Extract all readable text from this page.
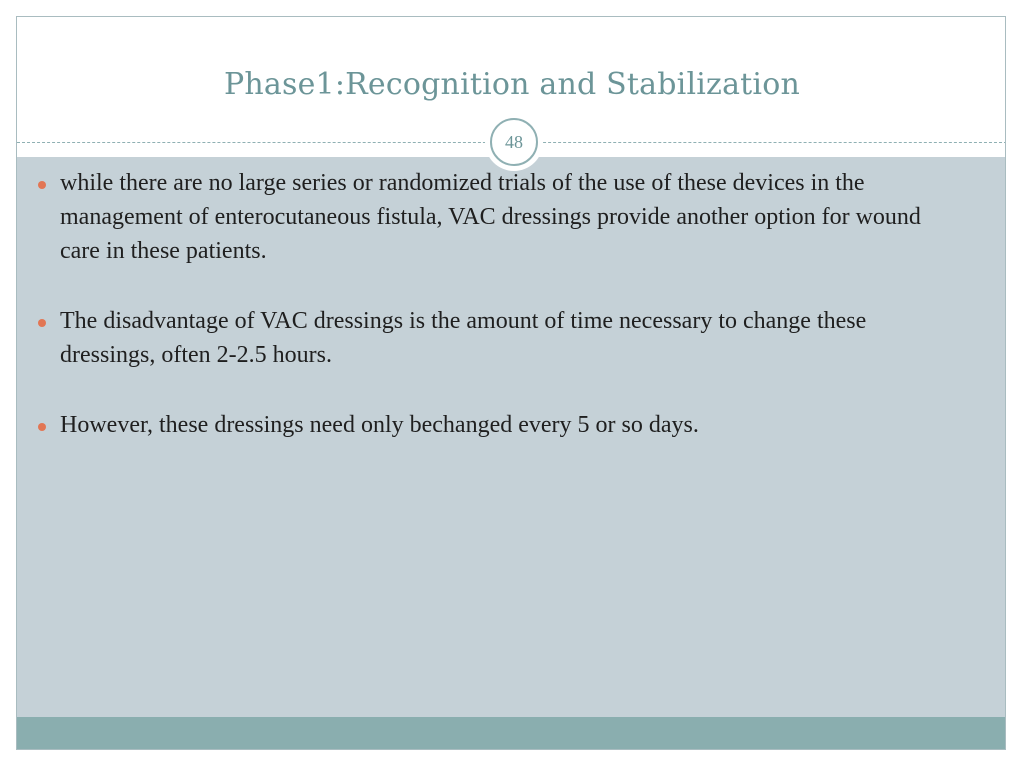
Phase1:Recognition and Stabilization
48
while there are no large series or randomized trials of the use of these devices in the management of enterocutaneous fistula, VAC dressings provide another option for wound care in these patients.
The disadvantage of VAC dressings is the amount of time necessary to change these dressings, often 2-2.5 hours.
However, these dressings need only bechanged every 5 or so days.
